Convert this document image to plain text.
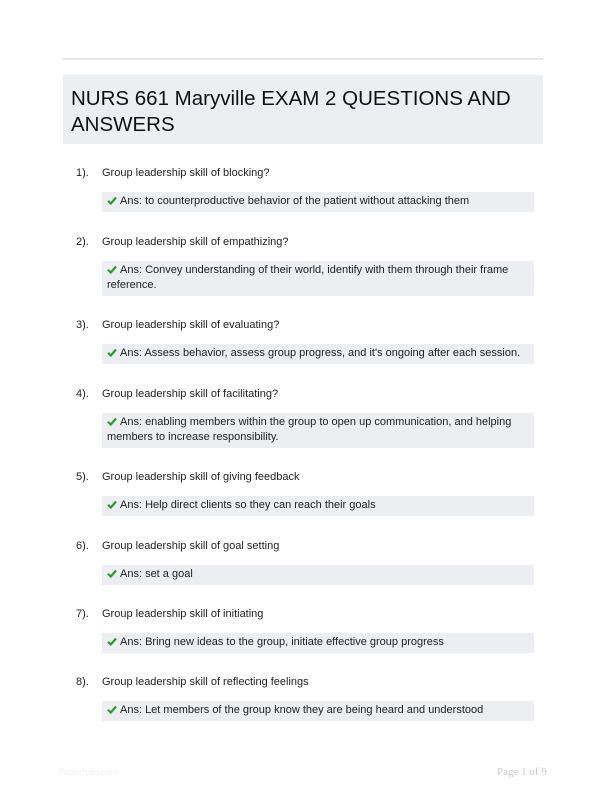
NURS 661 Maryville EXAM 2 QUESTIONS AND ANSWERS
1). Group leadership skill of blocking?
Ans: to counterproductive behavior of the patient without attacking them
2). Group leadership skill of empathizing?
Ans: Convey understanding of their world, identify with them through their frame reference.
3). Group leadership skill of evaluating?
Ans: Assess behavior, assess group progress, and it's ongoing after each session.
4). Group leadership skill of facilitating?
Ans: enabling members within the group to open up communication, and helping members to increase responsibility.
5). Group leadership skill of giving feedback
Ans: Help direct clients so they can reach their goals
6). Group leadership skill of goal setting
Ans: set a goal
7). Group leadership skill of initiating
Ans: Bring new ideas to the group, initiate effective group progress
8). Group leadership skill of reflecting feelings
Ans: Let members of the group know they are being heard and understood
Paperfolio.com	Page 1 of 9
